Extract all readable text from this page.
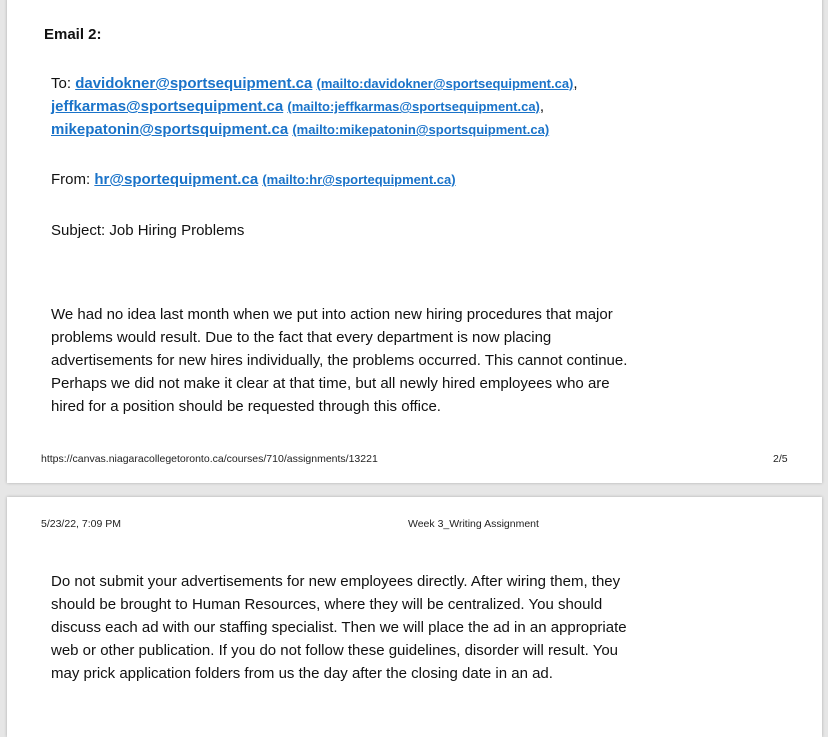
Email 2:
To: davidokner@sportsequipment.ca (mailto:davidokner@sportsequipment.ca),
jeffkarmas@sportsequipment.ca (mailto:jeffkarmas@sportsequipment.ca),
mikepatonin@sportsquipment.ca (mailto:mikepatonin@sportsquipment.ca)
From: hr@sportequipment.ca (mailto:hr@sportequipment.ca)
Subject: Job Hiring Problems
We had no idea last month when we put into action new hiring procedures that major
problems would result. Due to the fact that every department is now placing
advertisements for new hires individually, the problems occurred. This cannot continue.
Perhaps we did not make it clear at that time, but all newly hired employees who are
hired for a position should be requested through this office.
https://canvas.niagaracollegetoronto.ca/courses/710/assignments/13221	2/5
5/23/22, 7:09 PM	Week 3_Writing Assignment
Do not submit your advertisements for new employees directly. After wiring them, they
should be brought to Human Resources, where they will be centralized. You should
discuss each ad with our staffing specialist. Then we will place the ad in an appropriate
web or other publication. If you do not follow these guidelines, disorder will result. You
may prick application folders from us the day after the closing date in an ad.
